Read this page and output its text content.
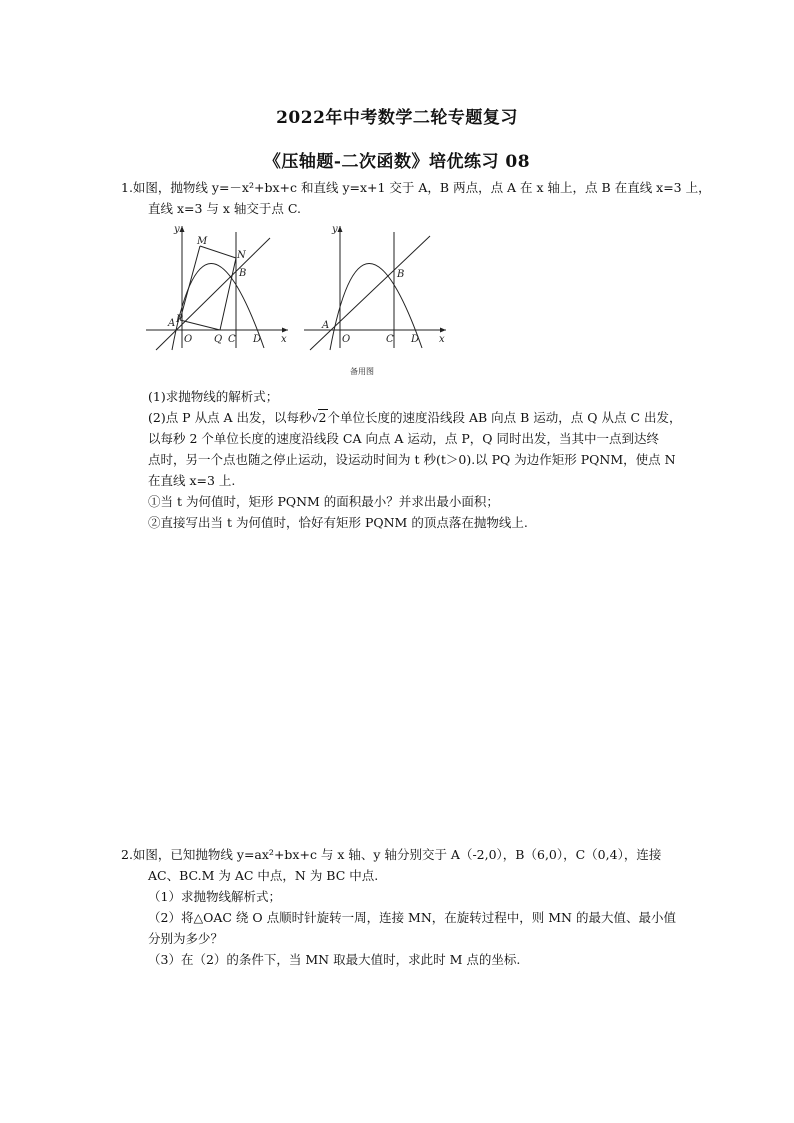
2022年中考数学二轮专题复习
《压轴题-二次函数》培优练习 08
1.如图，抛物线 y=－x²+bx+c 和直线 y=x+1 交于 A，B 两点，点 A 在 x 轴上，点 B 在直线 x=3 上，
直线 x=3 与 x 轴交于点 C.
y
x
M
N
B
A P
O Q C D
y
x
B
A
O	C D
备用图
(1)求抛物线的解析式；
(2)点 P 从点 A 出发，以每秒 √ 2个单位长度的速度沿线段 AB 向点 B 运动，点 Q 从点 C 出发，
以每秒 2 个单位长度的速度沿线段 CA 向点 A 运动，点 P，Q 同时出发，当其中一点到达终
点时，另一个点也随之停止运动，设运动时间为 t 秒(t＞0).以 PQ 为边作矩形 PQNM，使点 N
在直线 x=3 上.
①当 t 为何值时，矩形 PQNM 的面积最小？并求出最小面积；
②直接写出当 t 为何值时，恰好有矩形 PQNM 的顶点落在抛物线上.
2.如图，已知抛物线 y=ax²+bx+c 与 x 轴、y 轴分别交于 A（-2,0），B（6,0），C（0,4），连接
AC、BC.M 为 AC 中点，N 为 BC 中点.
（1）求抛物线解析式；
（2）将△OAC 绕 O 点顺时针旋转一周，连接 MN，在旋转过程中，则 MN 的最大值、最小值
分别为多少？
（3）在（2）的条件下，当 MN 取最大值时，求此时 M 点的坐标.
